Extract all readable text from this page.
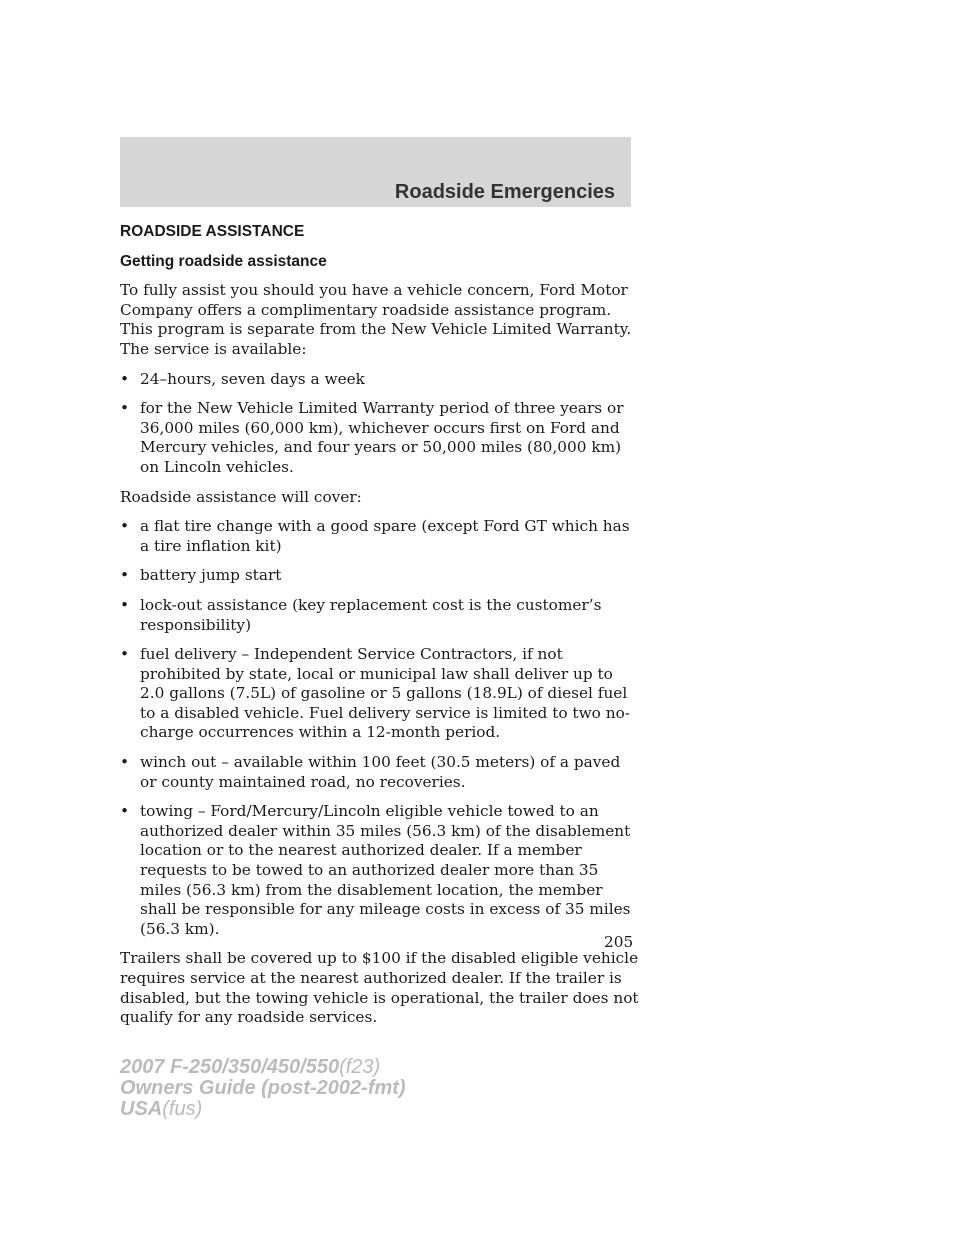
Roadside Emergencies
ROADSIDE ASSISTANCE
Getting roadside assistance

To fully assist you should you have a vehicle concern, Ford Motor Company offers a complimentary roadside assistance program. This program is separate from the New Vehicle Limited Warranty. The service is available:

• 24–hours, seven days a week
• for the New Vehicle Limited Warranty period of three years or 36,000 miles (60,000 km), whichever occurs first on Ford and Mercury vehicles, and four years or 50,000 miles (80,000 km) on Lincoln vehicles.

Roadside assistance will cover:

• a flat tire change with a good spare (except Ford GT which has a tire inflation kit)
• battery jump start
• lock-out assistance (key replacement cost is the customer’s responsibility)
• fuel delivery – Independent Service Contractors, if not prohibited by state, local or municipal law shall deliver up to 2.0 gallons (7.5L) of gasoline or 5 gallons (18.9L) of diesel fuel to a disabled vehicle. Fuel delivery service is limited to two no-charge occurrences within a 12-month period.
• winch out – available within 100 feet (30.5 meters) of a paved or county maintained road, no recoveries.
• towing – Ford/Mercury/Lincoln eligible vehicle towed to an authorized dealer within 35 miles (56.3 km) of the disablement location or to the nearest authorized dealer. If a member requests to be towed to an authorized dealer more than 35 miles (56.3 km) from the disablement location, the member shall be responsible for any mileage costs in excess of 35 miles (56.3 km).

Trailers shall be covered up to $100 if the disabled eligible vehicle requires service at the nearest authorized dealer. If the trailer is disabled, but the towing vehicle is operational, the trailer does not qualify for any roadside services.

205

2007 F-250/350/450/550(f23)
Owners Guide (post-2002-fmt)
USA(fus)
